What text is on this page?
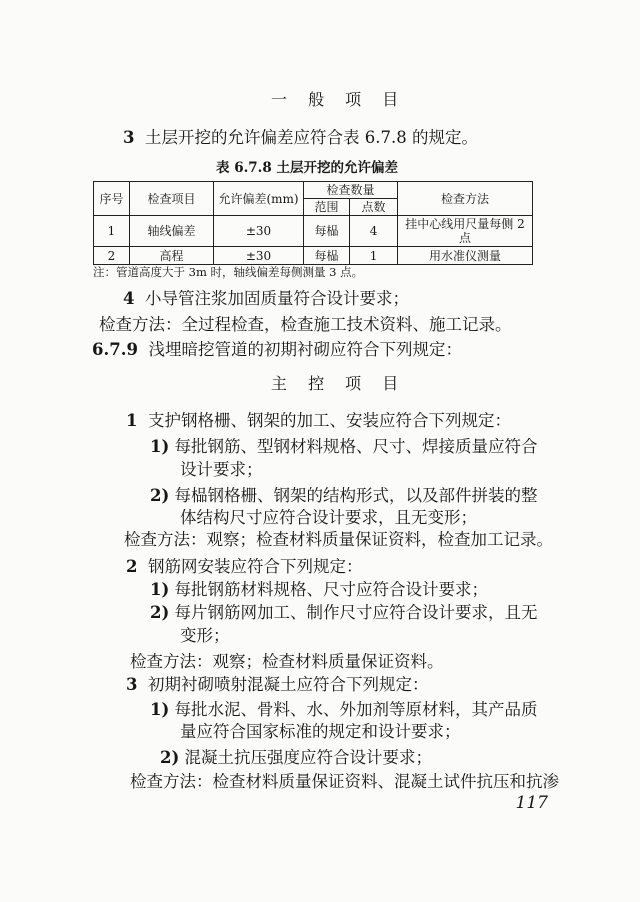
一 般 项 目
3 土层开挖的允许偏差应符合表 6.7.8 的规定。
表 6.7.8 土层开挖的允许偏差
序号	检查项目	允许偏差(mm)	检查数量		检查方法
			范围	点数	
1	轴线偏差	±30	每榀	4	挂中心线用尺量每侧 2 点
2	高程	±30	每榀	1	用水准仪测量
注：管道高度大于 3m 时，轴线偏差每侧测量 3 点。
4 小导管注浆加固质量符合设计要求；
检查方法：全过程检查，检查施工技术资料、施工记录。
6.7.9 浅埋暗挖管道的初期衬砌应符合下列规定：
主 控 项 目
1 支护钢格栅、钢架的加工、安装应符合下列规定：
1) 每批钢筋、型钢材料规格、尺寸、焊接质量应符合
设计要求；
2) 每榀钢格栅、钢架的结构形式，以及部件拼装的整
体结构尺寸应符合设计要求，且无变形；
检查方法：观察；检查材料质量保证资料，检查加工记录。
2 钢筋网安装应符合下列规定：
1) 每批钢筋材料规格、尺寸应符合设计要求；
2) 每片钢筋网加工、制作尺寸应符合设计要求，且无
变形；
检查方法：观察；检查材料质量保证资料。
3 初期衬砌喷射混凝土应符合下列规定：
1) 每批水泥、骨料、水、外加剂等原材料，其产品质
量应符合国家标准的规定和设计要求；
2) 混凝土抗压强度应符合设计要求；
检查方法：检查材料质量保证资料、混凝土试件抗压和抗渗
117
